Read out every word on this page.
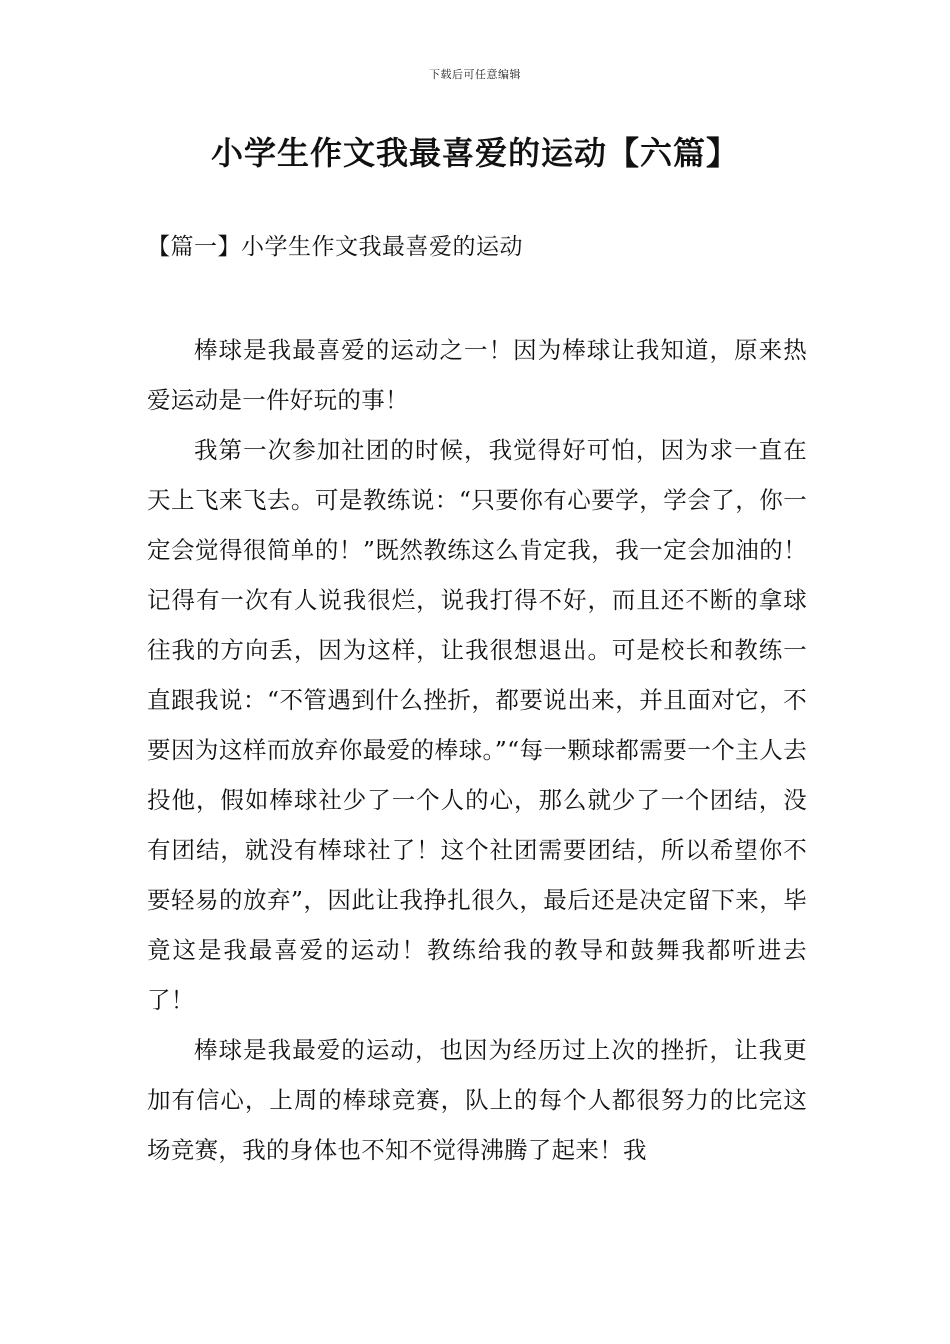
下载后可任意编辑
小学生作文我最喜爱的运动【六篇】
【篇一】小学生作文我最喜爱的运动

棒球是我最喜爱的运动之一！因为棒球让我知道，原来热爱运动是一件好玩的事！

我第一次参加社团的时候，我觉得好可怕，因为求一直在天上飞来飞去。可是教练说：“只要你有心要学，学会了，你一定会觉得很简单的！”既然教练这么肯定我，我一定会加油的！记得有一次有人说我很烂，说我打得不好，而且还不断的拿球往我的方向丢，因为这样，让我很想退出。可是校长和教练一直跟我说：“不管遇到什么挫折，都要说出来，并且面对它，不要因为这样而放弃你最爱的棒球。”“每一颗球都需要一个主人去投他，假如棒球社少了一个人的心，那么就少了一个团结，没有团结，就没有棒球社了！这个社团需要团结，所以希望你不要轻易的放弃”，因此让我挣扎很久，最后还是决定留下来，毕竟这是我最喜爱的运动！教练给我的教导和鼓舞我都听进去了！

棒球是我最爱的运动，也因为经历过上次的挫折，让我更加有信心，上周的棒球竞赛，队上的每个人都很努力的比完这场竞赛，我的身体也不知不觉得沸腾了起来！我
